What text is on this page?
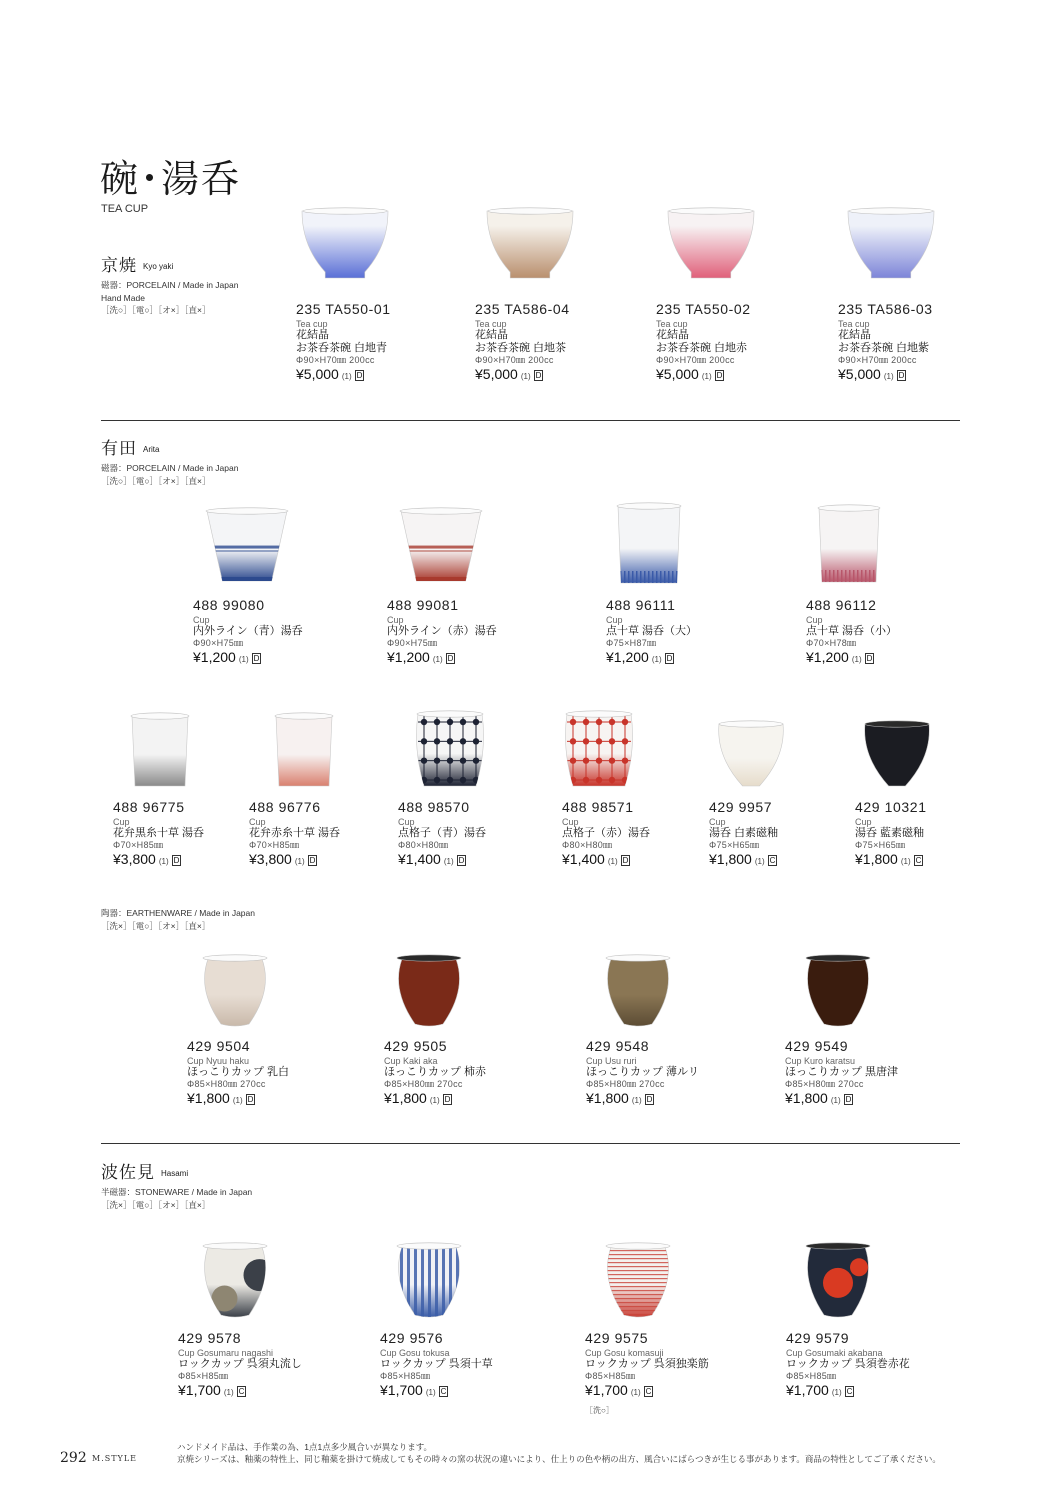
碗･湯呑
TEA CUP
京焼 Kyo yaki
磁器：PORCELAIN / Made in Japan
Hand Made
［洗○］［電○］［オ×］［直×］
有田 Arita
磁器：PORCELAIN / Made in Japan
［洗○］［電○］［オ×］［直×］
陶器：EARTHENWARE / Made in Japan
［洗×］［電○］［オ×］［直×］
波佐見 Hasami
半磁器：STONEWARE / Made in Japan
［洗×］［電○］［オ×］［直×］
235 TA550-01
Tea cup
花結晶
お茶呑茶碗 白地青
Φ90×H70㎜ 200cc
¥5,000 (1) D
235 TA586-04
Tea cup
花結晶
お茶呑茶碗 白地茶
Φ90×H70㎜ 200cc
¥5,000 (1) D
235 TA550-02
Tea cup
花結晶
お茶呑茶碗 白地赤
Φ90×H70㎜ 200cc
¥5,000 (1) D
235 TA586-03
Tea cup
花結晶
お茶呑茶碗 白地紫
Φ90×H70㎜ 200cc
¥5,000 (1) D
488 99080
Cup
内外ライン（青）湯呑
Φ90×H75㎜
¥1,200 (1) D
488 99081
Cup
内外ライン（赤）湯呑
Φ90×H75㎜
¥1,200 (1) D
488 96111
Cup
点十草 湯呑（大）
Φ75×H87㎜
¥1,200 (1) D
488 96112
Cup
点十草 湯呑（小）
Φ70×H78㎜
¥1,200 (1) D
488 96775
Cup
花弁黒糸十草 湯呑
Φ70×H85㎜
¥3,800 (1) D
488 96776
Cup
花弁赤糸十草 湯呑
Φ70×H85㎜
¥3,800 (1) D
488 98570
Cup
点格子（青）湯呑
Φ80×H80㎜
¥1,400 (1) D
488 98571
Cup
点格子（赤）湯呑
Φ80×H80㎜
¥1,400 (1) D
429 9957
Cup
湯呑 白素磁釉
Φ75×H65㎜
¥1,800 (1) C
429 10321
Cup
湯呑 藍素磁釉
Φ75×H65㎜
¥1,800 (1) C
429 9504
Cup Nyuu haku
ほっこりカップ 乳白
Φ85×H80㎜ 270cc
¥1,800 (1) D
429 9505
Cup Kaki aka
ほっこりカップ 柿赤
Φ85×H80㎜ 270cc
¥1,800 (1) D
429 9548
Cup Usu ruri
ほっこりカップ 薄ルリ
Φ85×H80㎜ 270cc
¥1,800 (1) D
429 9549
Cup Kuro karatsu
ほっこりカップ 黒唐津
Φ85×H80㎜ 270cc
¥1,800 (1) D
429 9578
Cup Gosumaru nagashi
ロックカップ 呉須丸流し
Φ85×H85㎜
¥1,700 (1) C
429 9576
Cup Gosu tokusa
ロックカップ 呉須十草
Φ85×H85㎜
¥1,700 (1) C
429 9575
Cup Gosu komasuji
ロックカップ 呉須独楽筋
Φ85×H85㎜
¥1,700 (1) C
［洗○］
429 9579
Cup Gosumaki akabana
ロックカップ 呉須巻赤花
Φ85×H85㎜
¥1,700 (1) C
292 M.STYLE
ハンドメイド品は、手作業の為、1点1点多少風合いが異なります。
京焼シリーズは、釉薬の特性上、同じ釉薬を掛けて焼成してもその時々の窯の状況の違いにより、仕上りの色や柄の出方、風合いにばらつきが生じる事があります。商品の特性としてご了承ください。
